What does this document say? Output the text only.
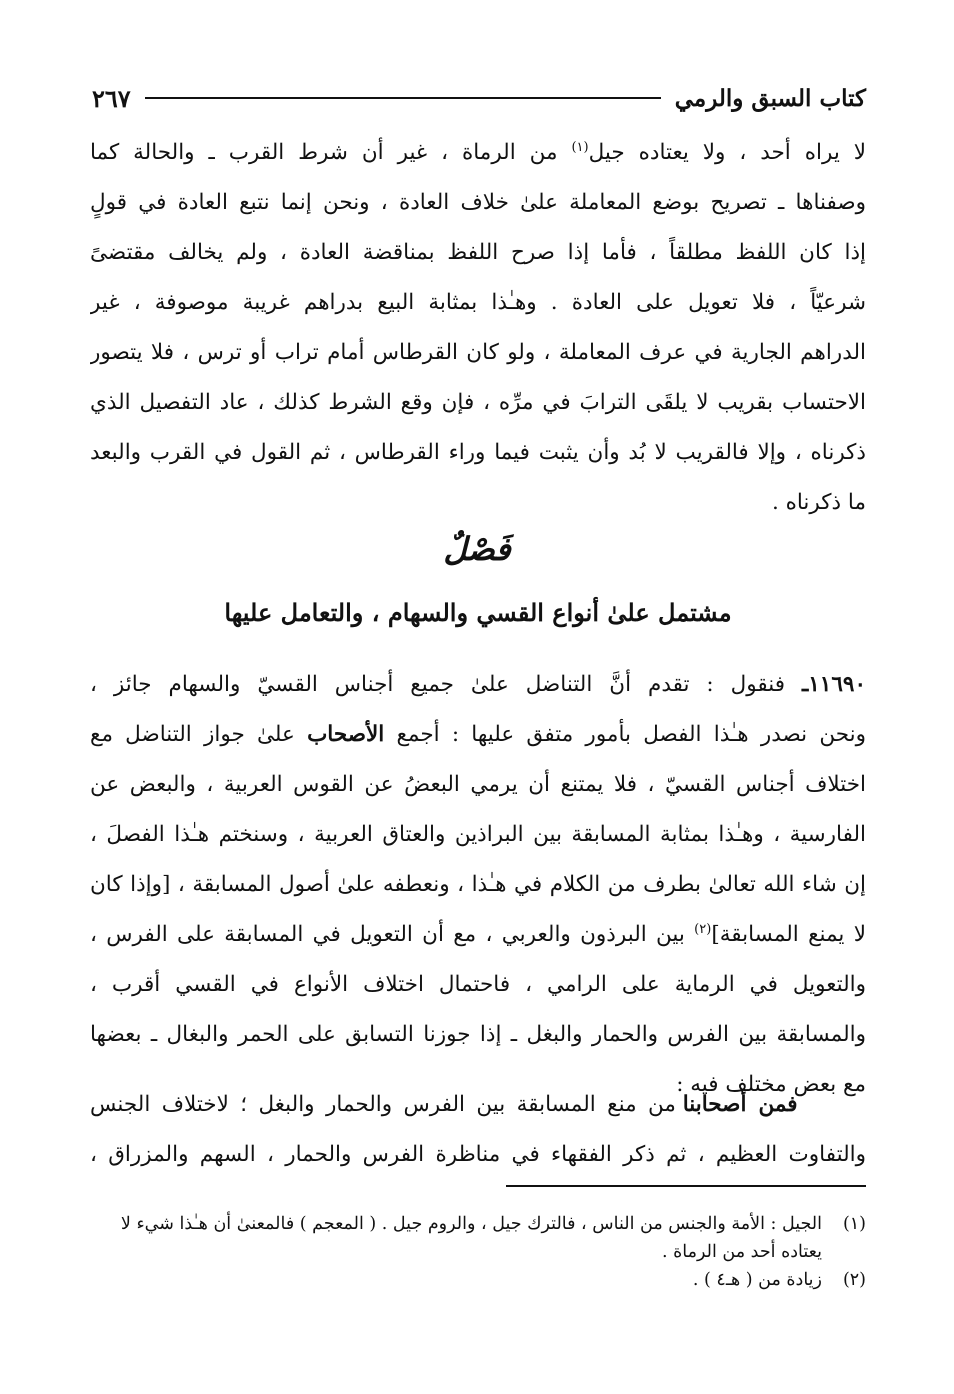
كتاب السبق والرمي
٢٦٧
لا يراه أحد ، ولا يعتاده جيل$^{(١)}$ من الرماة ، غير أن شرط القرب ـ والحالة كما
وصفناها ـ تصريح بوضع المعاملة علىٰ خلاف العادة ، ونحن إنما نتبع العادة في قولٍ
إذا كان اللفظ مطلقاً ، فأما إذا صرح اللفظ بمناقضة العادة ، ولم يخالف مقتضىً
شرعيّاً ، فلا تعويل على العادة . وهـٰذا بمثابة البيع بدراهم غريبة موصوفة ، غير
الدراهم الجارية في عرف المعاملة ، ولو كان القرطاس أمام تراب أو ترس ، فلا يتصور
الاحتساب بقريب لا يلقَى الترابَ في مرِّه ، فإن وقع الشرط كذلك ، عاد التفصيل الذي
ذكرناه ، وإلا فالقريب لا بُد وأن يثبت فيما وراء القرطاس ، ثم القول في القرب والبعد
ما ذكرناه .
فَصْلٌ
مشتمل علىٰ أنواع القسي والسهام ، والتعامل عليها
١١٦٩٠ـ فنقول : تقدم أنَّ التناضل علىٰ جميع أجناس القسيّ والسهام جائز ،
ونحن نصدر هـٰذا الفصل بأمور متفق عليها : أجمع الأصحاب علىٰ جواز التناضل مع
اختلاف أجناس القسيّ ، فلا يمتنع أن يرمي البعضُ عن القوس العربية ، والبعض عن
الفارسية ، وهـٰذا بمثابة المسابقة بين البراذين والعتاق العربية ، وسنختم هـٰذا الفصلَ ،
إن شاء الله تعالىٰ بطرف من الكلام في هـٰذا ، ونعطفه علىٰ أصول المسابقة ، [وإذا كان
لا يمنع المسابقة]$^{(٢)}$ بين البرذون والعربي ، مع أن التعويل في المسابقة على الفرس ،
والتعويل في الرماية على الرامي ، فاحتمال اختلاف الأنواع في القسي أقرب ،
والمسابقة بين الفرس والحمار والبغل ـ إذا جوزنا التسابق على الحمر والبغال ـ بعضها
مع بعض مختلف فيه :
فمن أصحابنا من منع المسابقة بين الفرس والحمار والبغل ؛ لاختلاف الجنس
والتفاوت العظيم ، ثم ذكر الفقهاء في مناظرة الفرس والحمار ، السهم والمزراق ،
(١)
الجيل : الأمة والجنس من الناس ، فالترك جيل ، والروم جيل . ( المعجم ) فالمعنىٰ أن هـٰذا شيء لا يعتاده أحد من الرماة .
(٢)
زيادة من ( هـ٤ ) .
